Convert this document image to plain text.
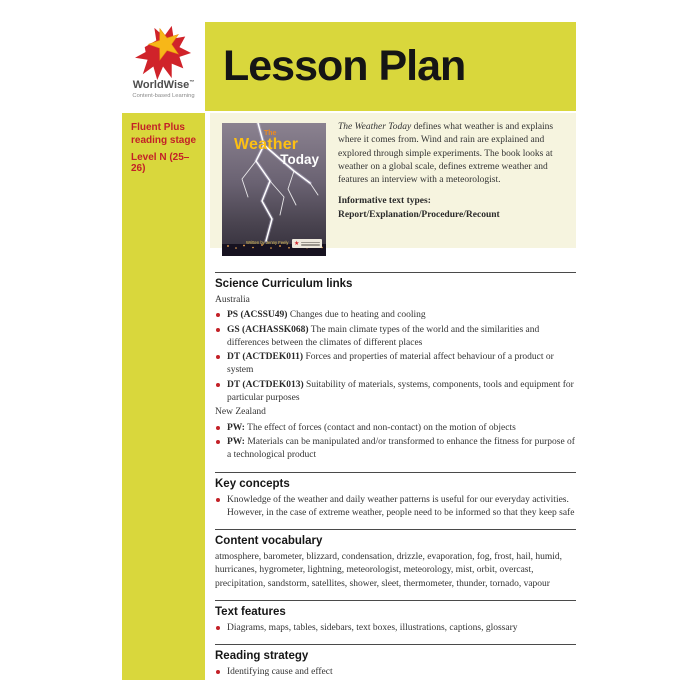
WorldWise™
Content-based Learning
Lesson Plan
Fluent Plus reading stage
Level N (25–26)
The
Weather
Today
Written by Jenny Feely ★
The Weather Today defines what weather is and explains where it comes from. Wind and rain are explained and explored through simple experiments. The book looks at weather on a global scale, defines extreme weather and features an interview with a meteorologist.
Informative text types:
Report/Explanation/Procedure/Recount
Science Curriculum links
Australia
PS (ACSSU49) Changes due to heating and cooling
GS (ACHASSK068) The main climate types of the world and the similarities and differences between the climates of different places
DT (ACTDEK011) Forces and properties of material affect behaviour of a product or system
DT (ACTDEK013) Suitability of materials, systems, components, tools and equipment for particular purposes
New Zealand
PW: The effect of forces (contact and non-contact) on the motion of objects
PW: Materials can be manipulated and/or transformed to enhance the fitness for purpose of a technological product
Key concepts
Knowledge of the weather and daily weather patterns is useful for our everyday activities. However, in the case of extreme weather, people need to be informed so that they keep safe
Content vocabulary
atmosphere, barometer, blizzard, condensation, drizzle, evaporation, fog, frost, hail, humid, hurricanes, hygrometer, lightning, meteorologist, meteorology, mist, orbit, overcast, precipitation, sandstorm, satellites, shower, sleet, thermometer, thunder, tornado, vapour
Text features
Diagrams, maps, tables, sidebars, text boxes, illustrations, captions, glossary
Reading strategy
Identifying cause and effect
